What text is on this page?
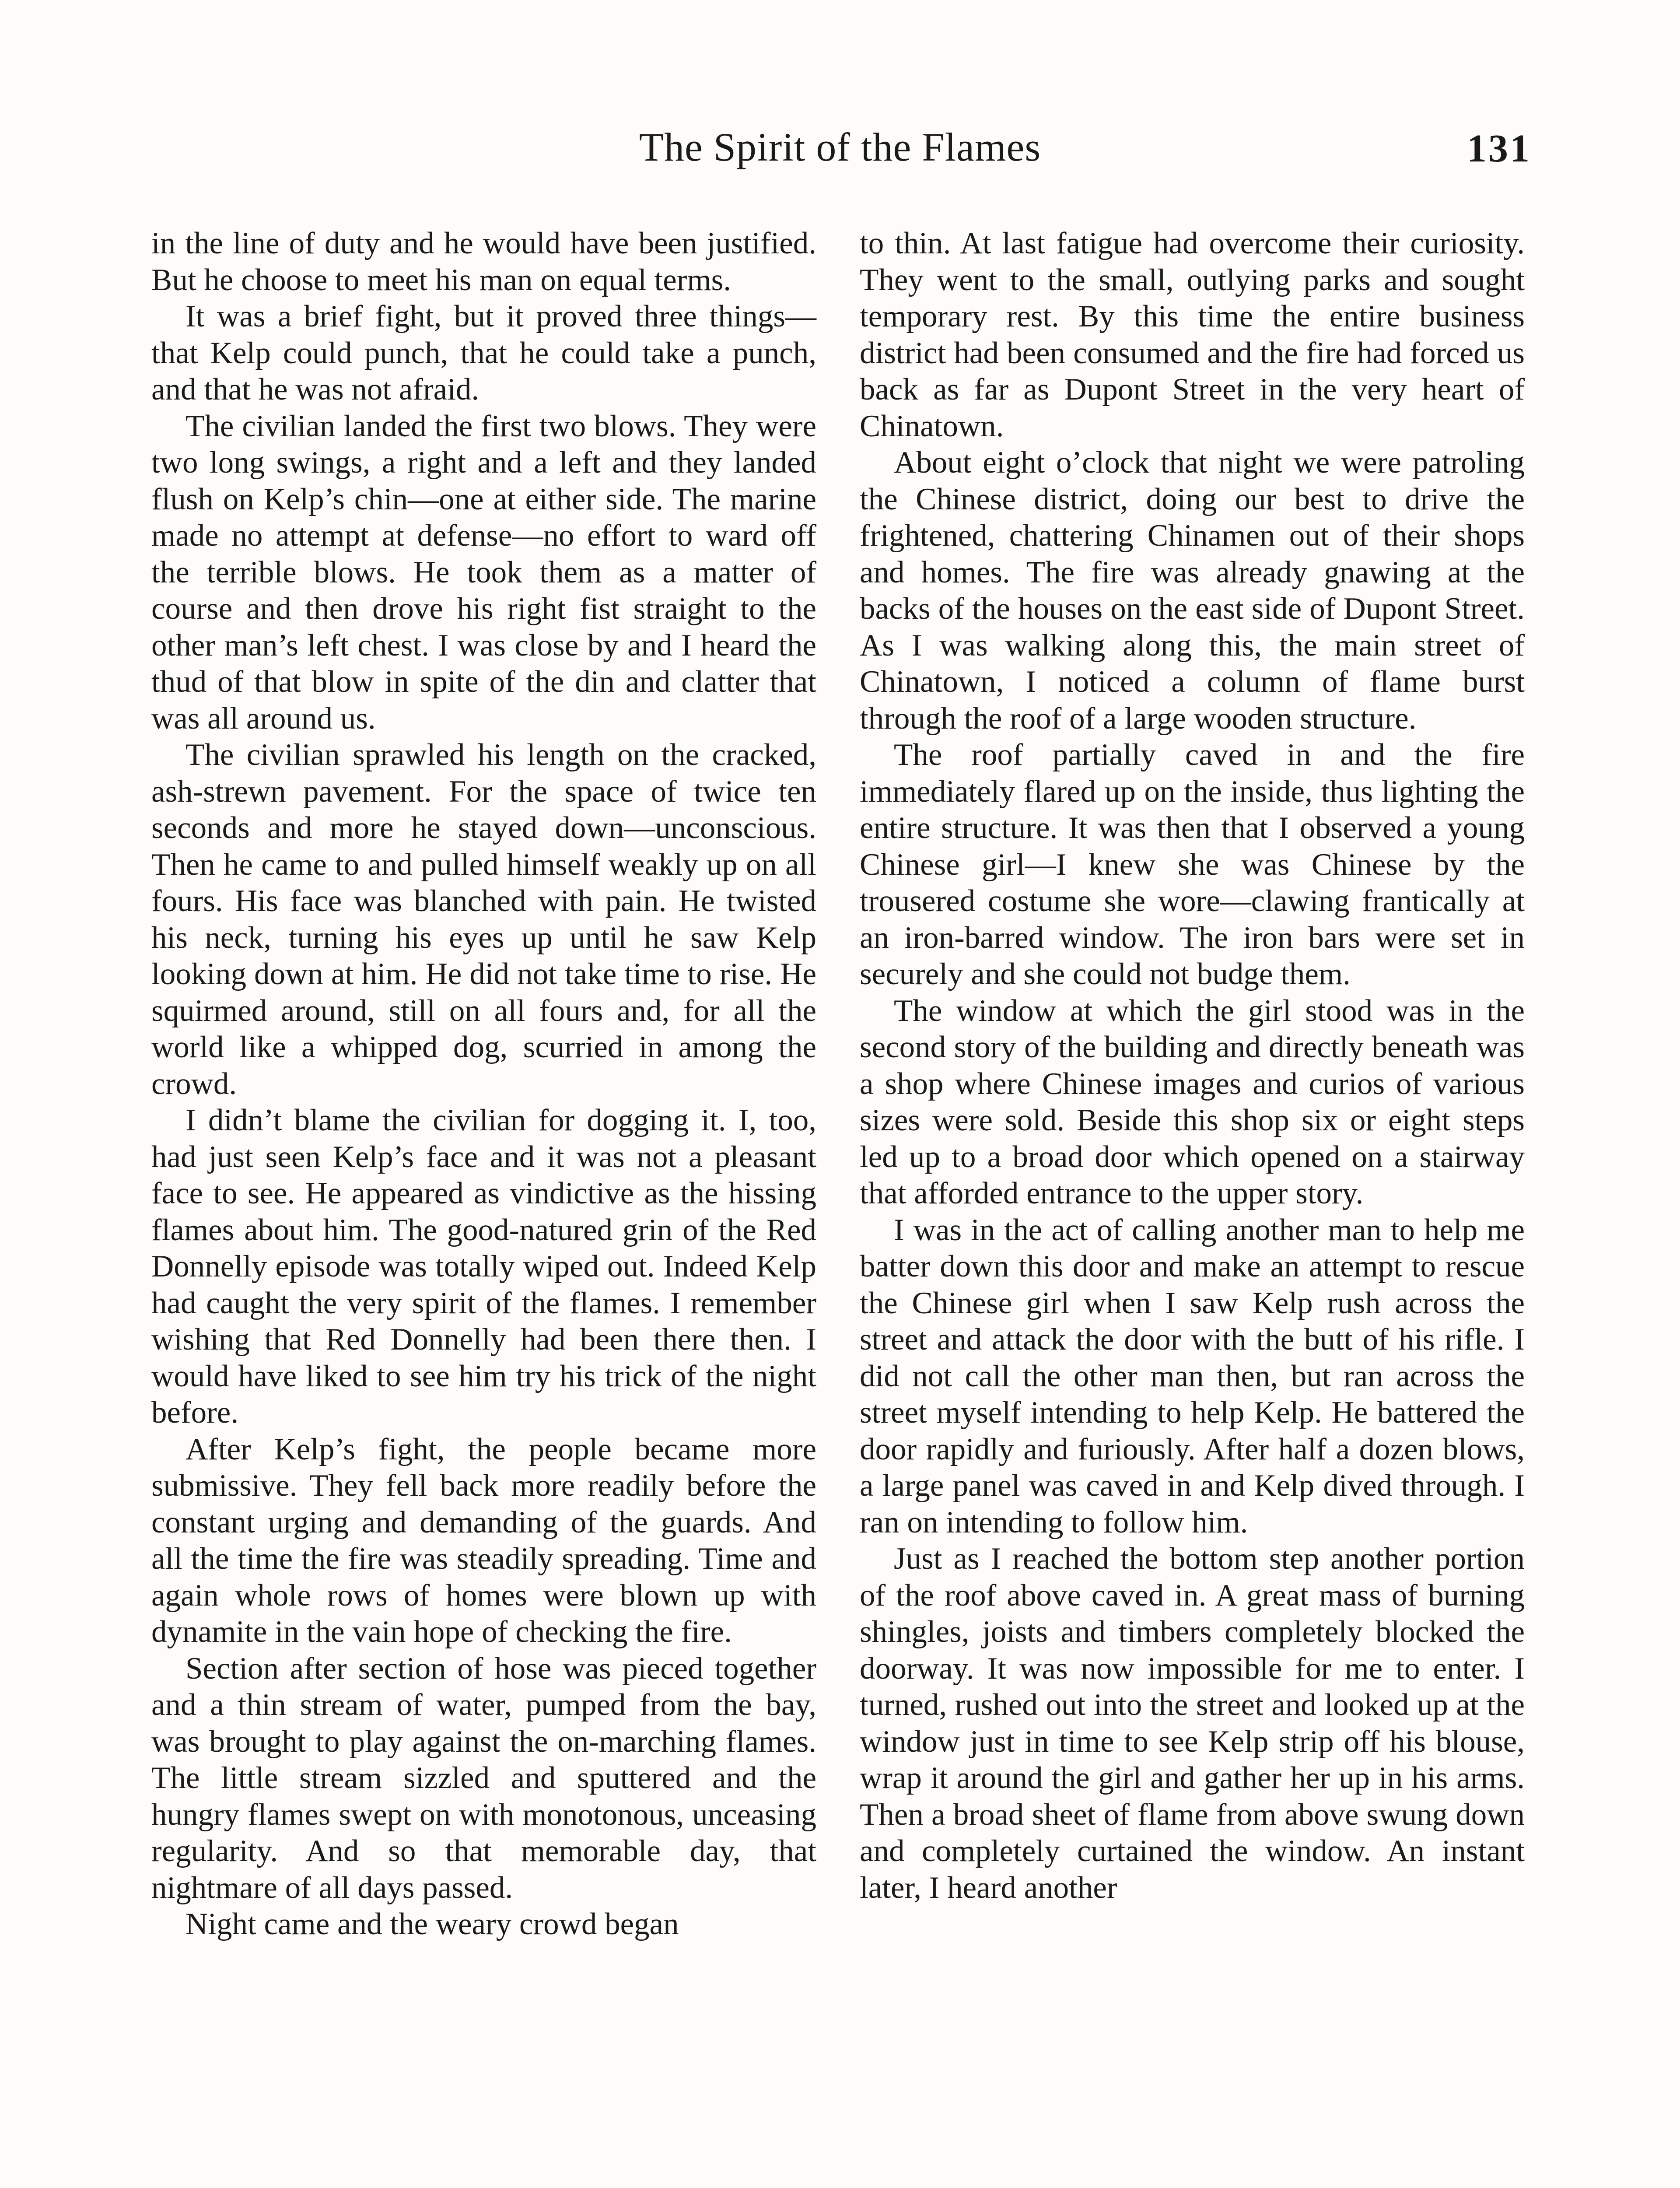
The Spirit of the Flames	131

in the line of duty and he would have been justified. But he choose to meet his man on equal terms.

It was a brief fight, but it proved three things—that Kelp could punch, that he could take a punch, and that he was not afraid.

The civilian landed the first two blows. They were two long swings, a right and a left and they landed flush on Kelp’s chin—one at either side. The marine made no attempt at defense—no effort to ward off the terrible blows. He took them as a matter of course and then drove his right fist straight to the other man’s left chest. I was close by and I heard the thud of that blow in spite of the din and clatter that was all around us.

The civilian sprawled his length on the cracked, ash-strewn pavement. For the space of twice ten seconds and more he stayed down—unconscious. Then he came to and pulled himself weakly up on all fours. His face was blanched with pain. He twisted his neck, turning his eyes up until he saw Kelp looking down at him. He did not take time to rise. He squirmed around, still on all fours and, for all the world like a whipped dog, scurried in among the crowd.

I didn’t blame the civilian for dogging it. I, too, had just seen Kelp’s face and it was not a pleasant face to see. He appeared as vindictive as the hissing flames about him. The good-natured grin of the Red Donnelly episode was totally wiped out. Indeed Kelp had caught the very spirit of the flames. I remember wishing that Red Donnelly had been there then. I would have liked to see him try his trick of the night before.

After Kelp’s fight, the people became more submissive. They fell back more readily before the constant urging and demanding of the guards. And all the time the fire was steadily spreading. Time and again whole rows of homes were blown up with dynamite in the vain hope of checking the fire.

Section after section of hose was pieced together and a thin stream of water, pumped from the bay, was brought to play against the on-marching flames. The little stream sizzled and sputtered and the hungry flames swept on with monotonous, unceasing regularity. And so that memorable day, that nightmare of all days passed.

Night came and the weary crowd began

to thin. At last fatigue had overcome their curiosity. They went to the small, outlying parks and sought temporary rest. By this time the entire business district had been consumed and the fire had forced us back as far as Dupont Street in the very heart of Chinatown.

About eight o’clock that night we were patroling the Chinese district, doing our best to drive the frightened, chattering Chinamen out of their shops and homes. The fire was already gnawing at the backs of the houses on the east side of Dupont Street. As I was walking along this, the main street of Chinatown, I noticed a column of flame burst through the roof of a large wooden structure.

The roof partially caved in and the fire immediately flared up on the inside, thus lighting the entire structure. It was then that I observed a young Chinese girl—I knew she was Chinese by the trousered costume she wore—clawing frantically at an iron-barred window. The iron bars were set in securely and she could not budge them.

The window at which the girl stood was in the second story of the building and directly beneath was a shop where Chinese images and curios of various sizes were sold. Beside this shop six or eight steps led up to a broad door which opened on a stairway that afforded entrance to the upper story.

I was in the act of calling another man to help me batter down this door and make an attempt to rescue the Chinese girl when I saw Kelp rush across the street and attack the door with the butt of his rifle. I did not call the other man then, but ran across the street myself intending to help Kelp. He battered the door rapidly and furiously. After half a dozen blows, a large panel was caved in and Kelp dived through. I ran on intending to follow him.

Just as I reached the bottom step another portion of the roof above caved in. A great mass of burning shingles, joists and timbers completely blocked the doorway. It was now impossible for me to enter. I turned, rushed out into the street and looked up at the window just in time to see Kelp strip off his blouse, wrap it around the girl and gather her up in his arms. Then a broad sheet of flame from above swung down and completely curtained the window. An instant later, I heard another
